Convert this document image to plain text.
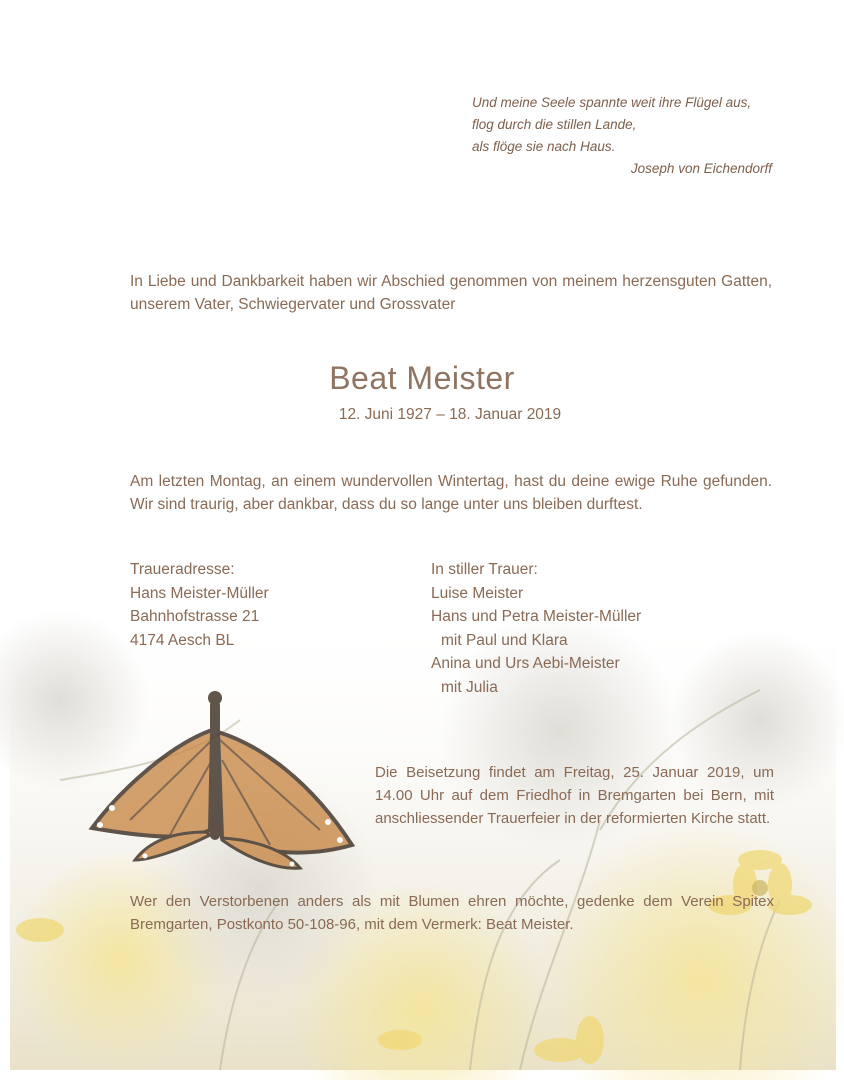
Und meine Seele spannte weit ihre Flügel aus,
flog durch die stillen Lande,
als flöge sie nach Haus.
Joseph von Eichendorff
In Liebe und Dankbarkeit haben wir Abschied genommen von meinem herzensguten Gatten, unserem Vater, Schwiegervater und Grossvater
Beat Meister
12. Juni 1927 – 18. Januar 2019
Am letzten Montag, an einem wundervollen Wintertag, hast du deine ewige Ruhe gefunden. Wir sind traurig, aber dankbar, dass du so lange unter uns bleiben durftest.
Traueradresse:
Hans Meister-Müller
Bahnhofstrasse 21
4174 Aesch BL
In stiller Trauer:
Luise Meister
Hans und Petra Meister-Müller
mit Paul und Klara
Anina und Urs Aebi-Meister
mit Julia
Die Beisetzung findet am Freitag, 25. Januar 2019, um 14.00 Uhr auf dem Friedhof in Bremgarten bei Bern, mit anschliessender Trauerfeier in der reformierten Kirche statt.
Wer den Verstorbenen anders als mit Blumen ehren möchte, gedenke dem Verein Spitex Bremgarten, Postkonto 50-108-96, mit dem Vermerk: Beat Meister.
